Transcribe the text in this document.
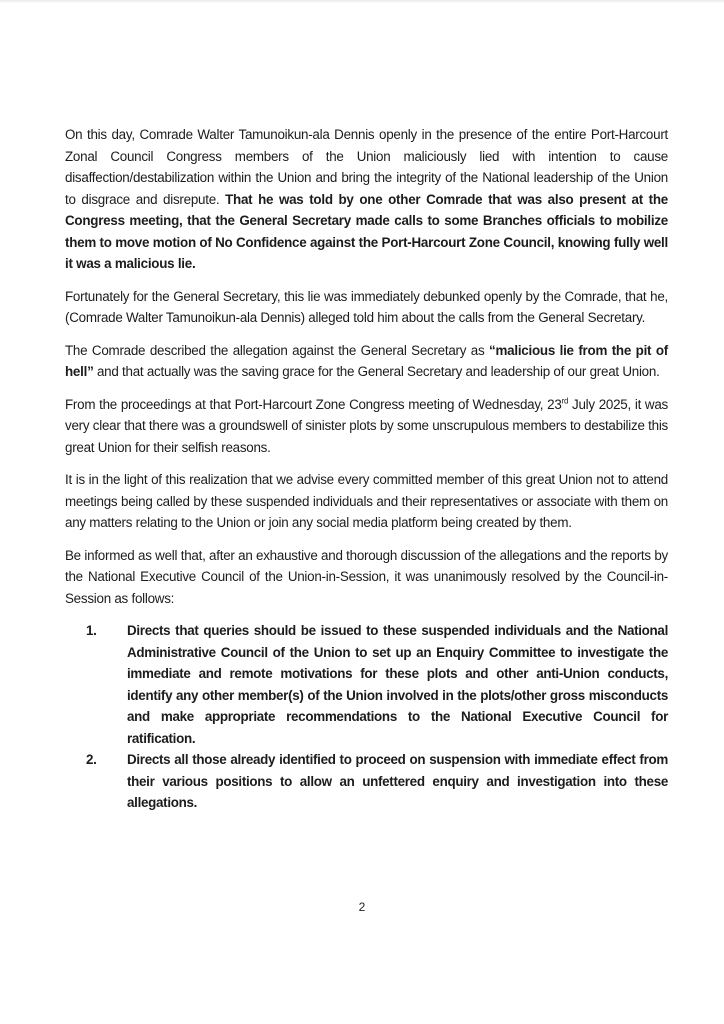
On this day, Comrade Walter Tamunoikun-ala Dennis openly in the presence of the entire Port-Harcourt Zonal Council Congress members of the Union maliciously lied with intention to cause disaffection/destabilization within the Union and bring the integrity of the National leadership of the Union to disgrace and disrepute. That he was told by one other Comrade that was also present at the Congress meeting, that the General Secretary made calls to some Branches officials to mobilize them to move motion of No Confidence against the Port-Harcourt Zone Council, knowing fully well it was a malicious lie.

Fortunately for the General Secretary, this lie was immediately debunked openly by the Comrade, that he, (Comrade Walter Tamunoikun-ala Dennis) alleged told him about the calls from the General Secretary.

The Comrade described the allegation against the General Secretary as “malicious lie from the pit of hell” and that actually was the saving grace for the General Secretary and leadership of our great Union.

From the proceedings at that Port-Harcourt Zone Congress meeting of Wednesday, 23rd July 2025, it was very clear that there was a groundswell of sinister plots by some unscrupulous members to destabilize this great Union for their selfish reasons.

It is in the light of this realization that we advise every committed member of this great Union not to attend meetings being called by these suspended individuals and their representatives or associate with them on any matters relating to the Union or join any social media platform being created by them.

Be informed as well that, after an exhaustive and thorough discussion of the allegations and the reports by the National Executive Council of the Union-in-Session, it was unanimously resolved by the Council-in-Session as follows:

1. Directs that queries should be issued to these suspended individuals and the National Administrative Council of the Union to set up an Enquiry Committee to investigate the immediate and remote motivations for these plots and other anti-Union conducts, identify any other member(s) of the Union involved in the plots/other gross misconducts and make appropriate recommendations to the National Executive Council for ratification.
2. Directs all those already identified to proceed on suspension with immediate effect from their various positions to allow an unfettered enquiry and investigation into these allegations.
2
